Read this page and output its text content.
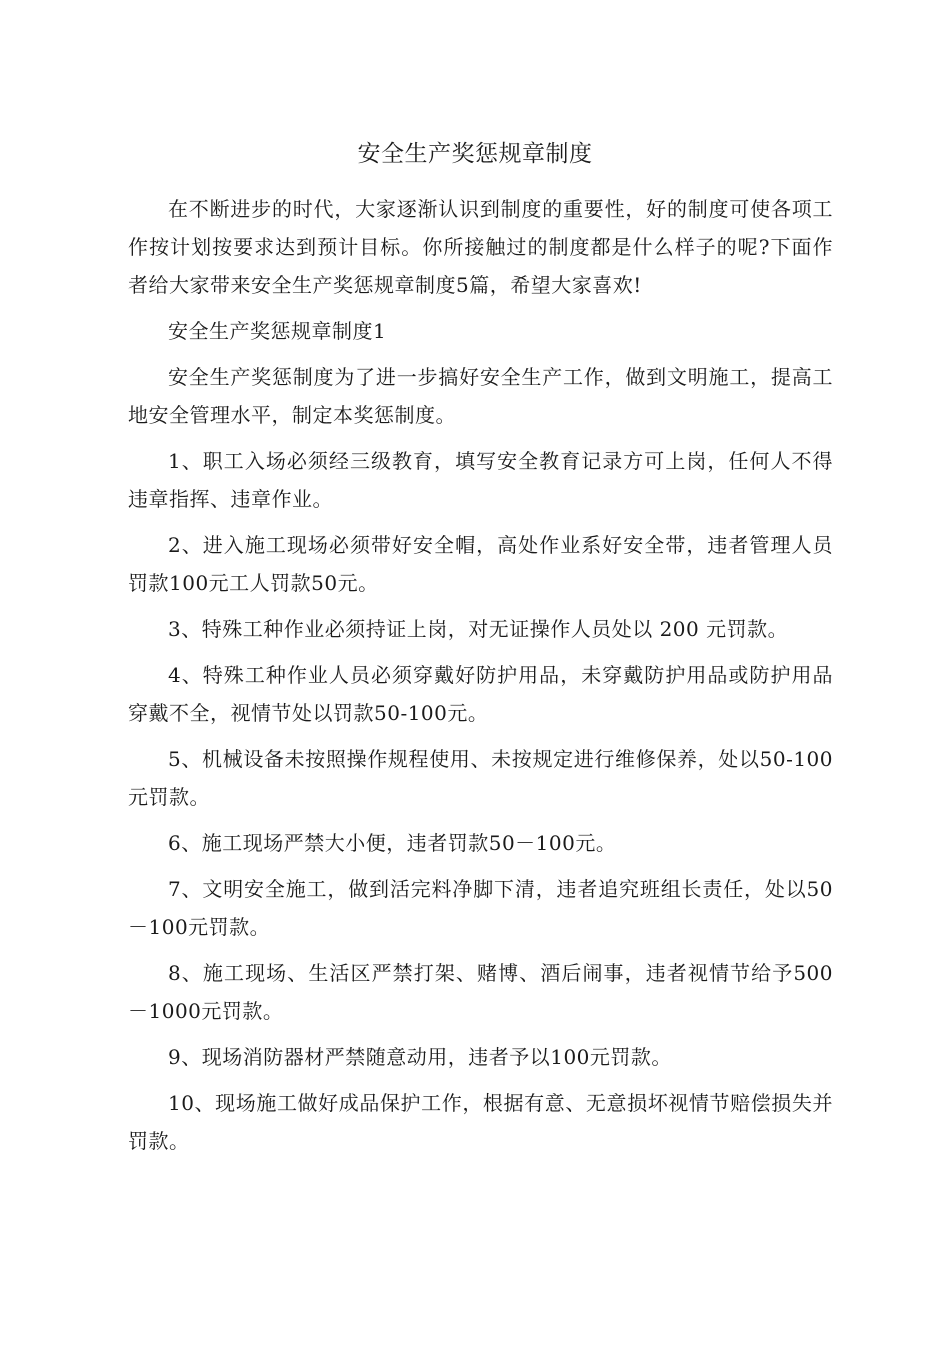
安全生产奖惩规章制度

在不断进步的时代，大家逐渐认识到制度的重要性，好的制度可使各项工作按计划按要求达到预计目标。你所接触过的制度都是什么样子的呢?下面作者给大家带来安全生产奖惩规章制度5篇，希望大家喜欢!

安全生产奖惩规章制度1

安全生产奖惩制度为了进一步搞好安全生产工作，做到文明施工，提高工地安全管理水平，制定本奖惩制度。

1、职工入场必须经三级教育，填写安全教育记录方可上岗，任何人不得违章指挥、违章作业。

2、进入施工现场必须带好安全帽，高处作业系好安全带，违者管理人员罚款100元工人罚款50元。

3、特殊工种作业必须持证上岗，对无证操作人员处以 200 元罚款。

4、特殊工种作业人员必须穿戴好防护用品，未穿戴防护用品或防护用品穿戴不全，视情节处以罚款50-100元。

5、机械设备未按照操作规程使用、未按规定进行维修保养，处以50-100元罚款。

6、施工现场严禁大小便，违者罚款50－100元。

7、文明安全施工，做到活完料净脚下清，违者追究班组长责任，处以50－100元罚款。

8、施工现场、生活区严禁打架、赌博、酒后闹事，违者视情节给予500－1000元罚款。

9、现场消防器材严禁随意动用，违者予以100元罚款。

10、现场施工做好成品保护工作，根据有意、无意损坏视情节赔偿损失并罚款。
